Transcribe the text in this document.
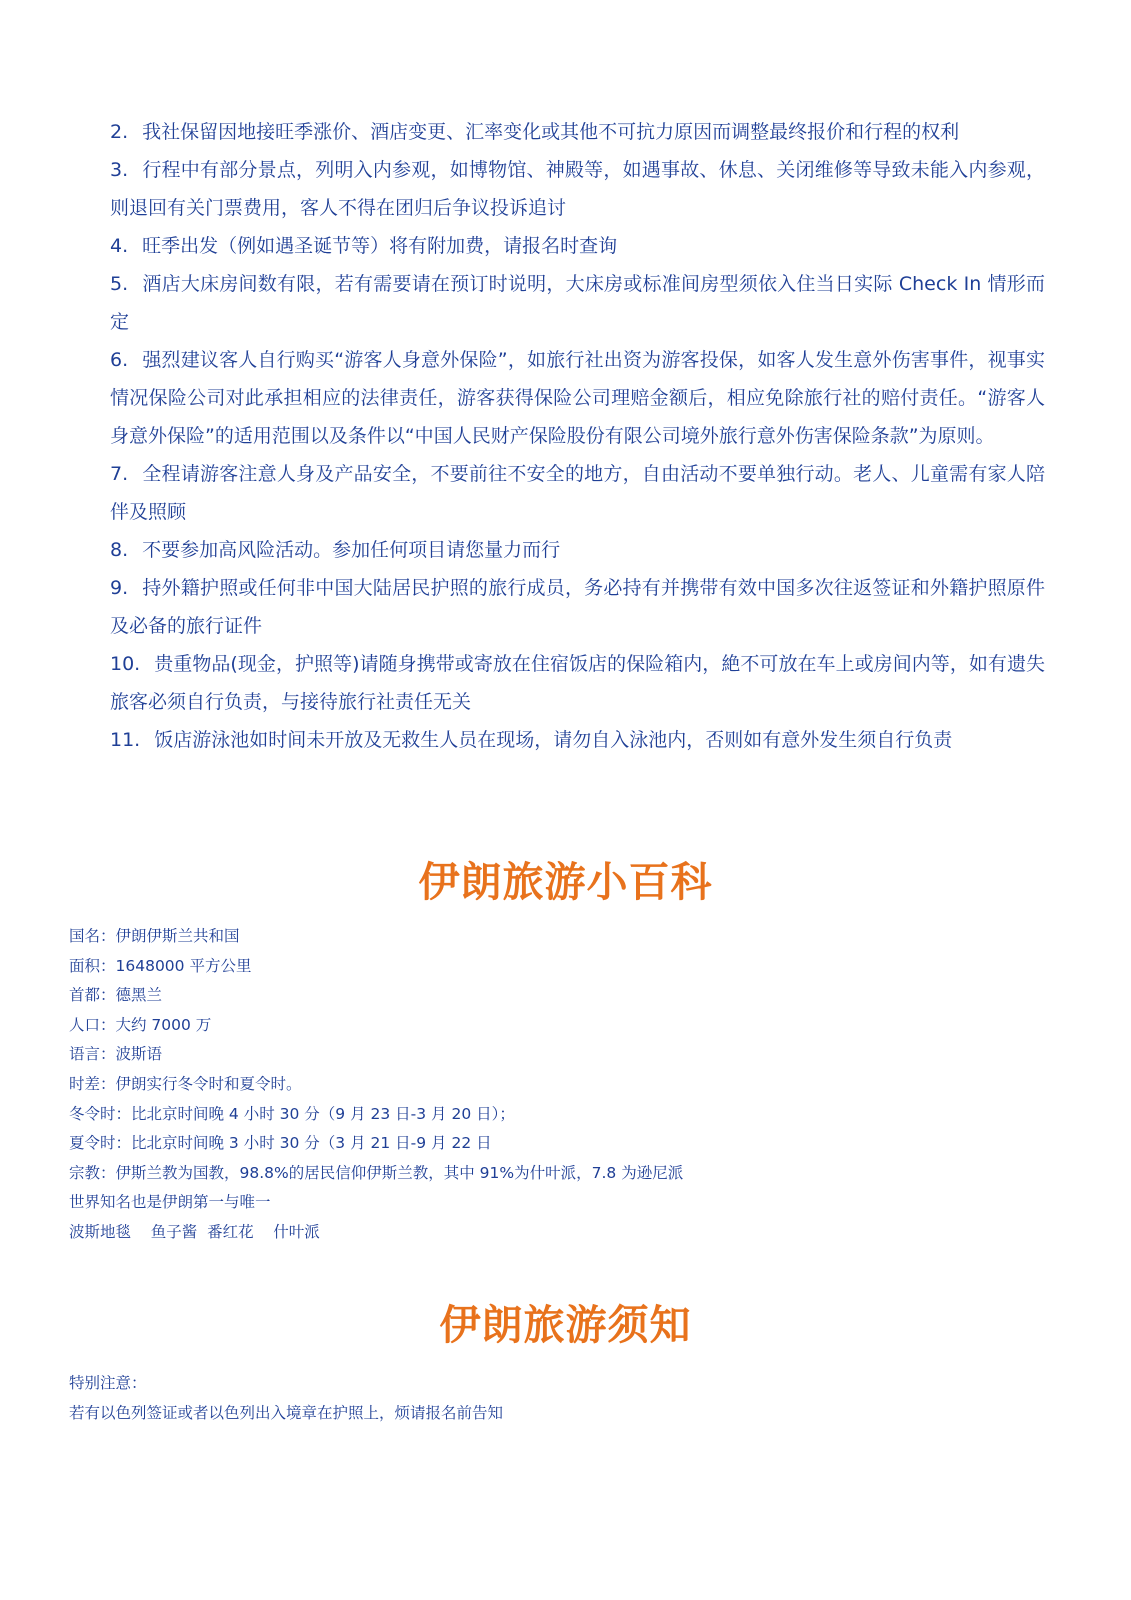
2. 我社保留因地接旺季涨价、酒店变更、汇率变化或其他不可抗力原因而调整最终报价和行程的权利
3. 行程中有部分景点，列明入内参观，如博物馆、神殿等，如遇事故、休息、关闭维修等导致未能入内参观，则退回有关门票费用，客人不得在团归后争议投诉追讨
4. 旺季出发（例如遇圣诞节等）将有附加费，请报名时查询
5. 酒店大床房间数有限，若有需要请在预订时说明，大床房或标准间房型须依入住当日实际 Check In 情形而定
6. 强烈建议客人自行购买“游客人身意外保险”，如旅行社出资为游客投保，如客人发生意外伤害事件，视事实情况保险公司对此承担相应的法律责任，游客获得保险公司理赔金额后，相应免除旅行社的赔付责任。“游客人身意外保险”的适用范围以及条件以“中国人民财产保险股份有限公司境外旅行意外伤害保险条款”为原则。
7. 全程请游客注意人身及产品安全，不要前往不安全的地方，自由活动不要单独行动。老人、儿童需有家人陪伴及照顾
8. 不要参加高风险活动。参加任何项目请您量力而行
9. 持外籍护照或任何非中国大陆居民护照的旅行成员，务必持有并携带有效中国多次往返签证和外籍护照原件及必备的旅行证件
10. 贵重物品(现金，护照等)请随身携带或寄放在住宿饭店的保险箱内，絶不可放在车上或房间内等，如有遗失旅客必须自行负责，与接待旅行社责任无关
11. 饭店游泳池如时间未开放及无救生人员在现场，请勿自入泳池内，否则如有意外发生须自行负责
伊朗旅游小百科
国名：伊朗伊斯兰共和国
面积：1648000 平方公里
首都：德黑兰
人口：大约 7000 万
语言：波斯语
时差：伊朗实行冬令时和夏令时。
冬令时：比北京时间晚 4 小时 30 分（9 月 23 日-3 月 20 日）；
夏令时：比北京时间晚 3 小时 30 分（3 月 21 日-9 月 22 日
宗教：伊斯兰教为国教，98.8%的居民信仰伊斯兰教，其中 91%为什叶派，7.8 为逊尼派
世界知名也是伊朗第一与唯一
波斯地毯    鱼子酱  番红花    什叶派
伊朗旅游须知
特别注意：
若有以色列签证或者以色列出入境章在护照上，烦请报名前告知
